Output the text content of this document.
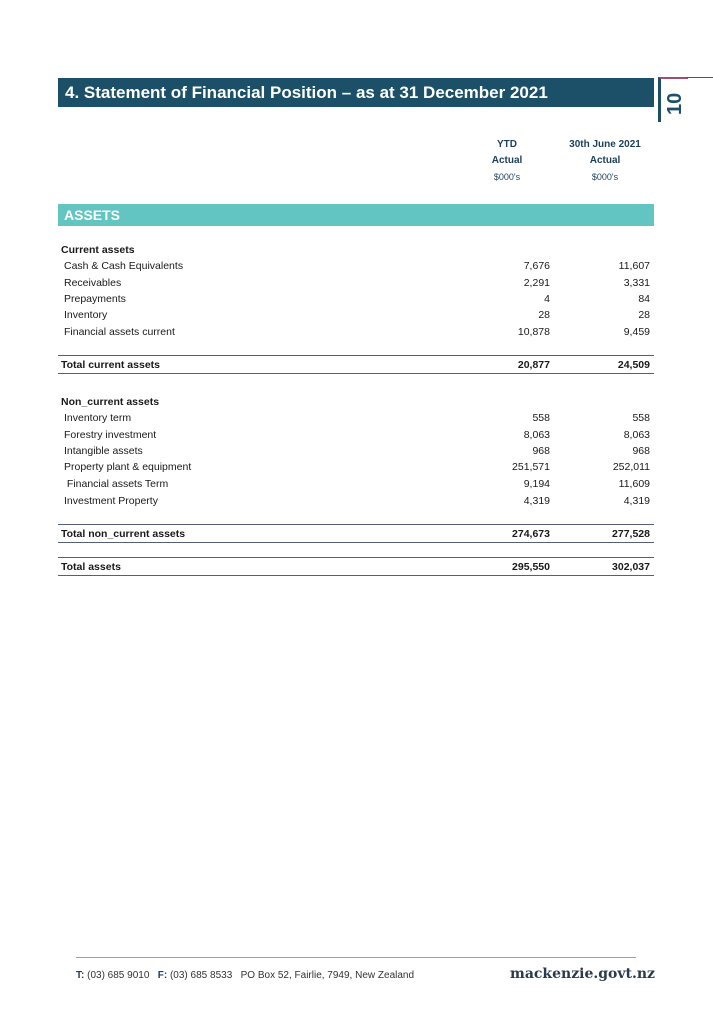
4. Statement of Financial Position – as at 31 December 2021
10
YTD
Actual
$000's
30th June 2021
Actual
$000's
ASSETS
Current assets
Cash & Cash Equivalents	7,676	11,607
Receivables	2,291	3,331
Prepayments	4	84
Inventory	28	28
Financial assets current	10,878	9,459
Total current assets	20,877	24,509
Non_current assets
Inventory term	558	558
Forestry investment	8,063	8,063
Intangible assets	968	968
Property plant & equipment	251,571	252,011
Financial assets Term	9,194	11,609
Investment Property	4,319	4,319
Total non_current assets	274,673	277,528
Total assets	295,550	302,037
T: (03) 685 9010 F: (03) 685 8533 PO Box 52, Fairlie, 7949, New Zealand	mackenzie.govt.nz
